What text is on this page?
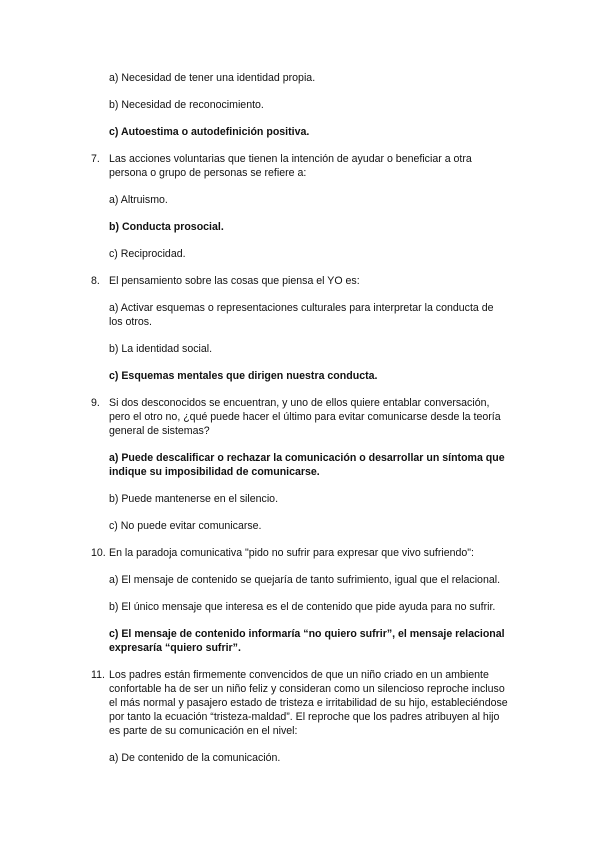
a) Necesidad de tener una identidad propia.
b) Necesidad de reconocimiento.
c) Autoestima o autodefinición positiva.
7. Las acciones voluntarias que tienen la intención de ayudar o beneficiar a otra
persona o grupo de personas se refiere a:
a) Altruismo.
b) Conducta prosocial.
c) Reciprocidad.
8. El pensamiento sobre las cosas que piensa el YO es:
a) Activar esquemas o representaciones culturales para interpretar la conducta de
los otros.
b) La identidad social.
c) Esquemas mentales que dirigen nuestra conducta.
9. Si dos desconocidos se encuentran, y uno de ellos quiere entablar conversación,
pero el otro no, ¿qué puede hacer el último para evitar comunicarse desde la teoría
general de sistemas?
a) Puede descalificar o rechazar la comunicación o desarrollar un síntoma que
indique su imposibilidad de comunicarse.
b) Puede mantenerse en el silencio.
c) No puede evitar comunicarse.
10. En la paradoja comunicativa "pido no sufrir para expresar que vivo sufriendo":
a) El mensaje de contenido se quejaría de tanto sufrimiento, igual que el relacional.
b) El único mensaje que interesa es el de contenido que pide ayuda para no sufrir.
c) El mensaje de contenido informaría “no quiero sufrir”, el mensaje relacional
expresaría “quiero sufrir”.
11. Los padres están firmemente convencidos de que un niño criado en un ambiente
confortable ha de ser un niño feliz y consideran como un silencioso reproche incluso
el más normal y pasajero estado de tristeza e irritabilidad de su hijo, estableciéndose
por tanto la ecuación “tristeza-maldad”. El reproche que los padres atribuyen al hijo
es parte de su comunicación en el nivel:
a) De contenido de la comunicación.
